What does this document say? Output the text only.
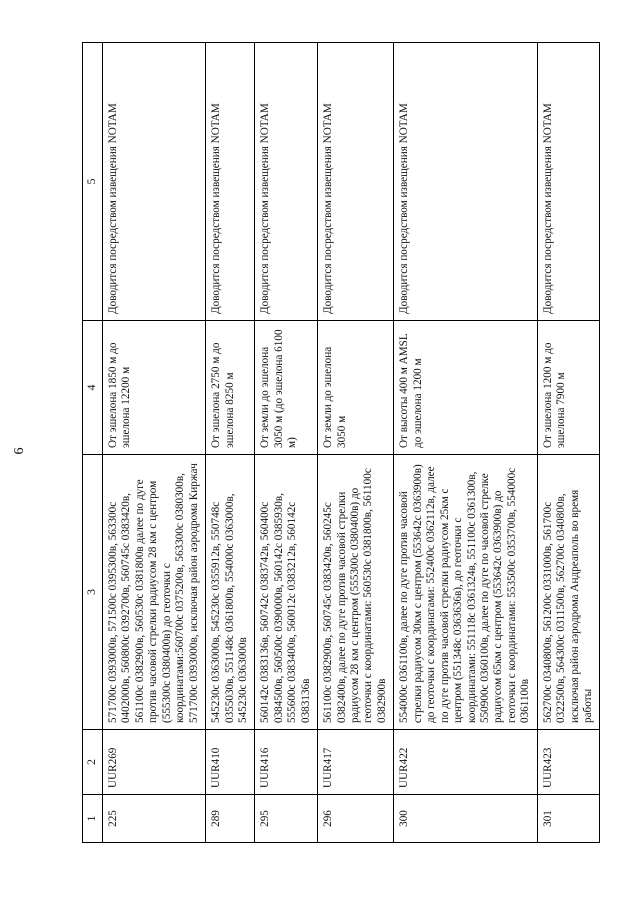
6
1	2	3	4	5
225	UUR269	571700с 0393000в, 571500с 0395300в, 563300с 0402000в, 560800с 0392700в, 560745с 0383420в, 561100с 0382900в, 560530с 0381800в далее по дуге против часовой стрелки радиусом 28 км с центром (555300с 0380400в) до геоточки с координатами:560700с 0375200в, 563300с 0380300в, 571700с 0393000в, исключая район аэродрома Киржач	От эшелона 1850 м до эшелона 12200 м	Доводится посредством извещения NOTAM
289	UUR410	545230с 0363000в, 545230с 0355912в, 550748с 0355030в, 551148с 0361800в, 554000с 0363000в, 545230с 0363000в	От эшелона 2750 м до эшелона 8250 м	Доводится посредством извещения NOTAM
295	UUR416	560142с 0383136в, 560742с 0383742в, 560400с 0384500в, 560500с 0390000в, 560142с 0385930в, 555600с 0383400в, 560012с 0383212в, 560142с 0383136в	От земли до эшелона 3050 м (до эшелона 6100 м)	Доводится посредством извещения NOTAM
296	UUR417	561100с 0382900в, 560745с 0383420в, 560245с 0382400в, далее по дуге против часовой стрелки радиусом 28 км с центром (555300с 0380400в) до геоточки с координатами: 560530с 0381800в, 561100с 0382900в	От земли до эшелона 3050 м	Доводится посредством извещения NOTAM
300	UUR422	554000с 0361100в, далее по дуге против часовой стрелки радиусом 30км с центром (553642с 0363900в) до геоточки с координатами: 552400с 0362112в, далее по дуге против часовой стрелки радиусом 25км с центром (551348с 0363636в), до геоточки с координатами: 551118с 0361324в, 551100с 0361300в, 550900с 0360100в, далее по дуге по часовой стрелке радиусом 65км с центром (553642с 0363900в) до геоточки с координатами: 553500с 0353700в, 554000с 0361100в	От высоты 400 м AMSL до эшелона 1200 м	Доводится посредством извещения NOTAM
301	UUR423	562700с 0340800в, 561200с 0331000в, 561700с 0322500в, 564300с 0311500в, 562700с 0340800в, исключая район аэродрома Андреаполь во время работы	От эшелона 1200 м до эшелона 7900 м	Доводится посредством извещения NOTAM
